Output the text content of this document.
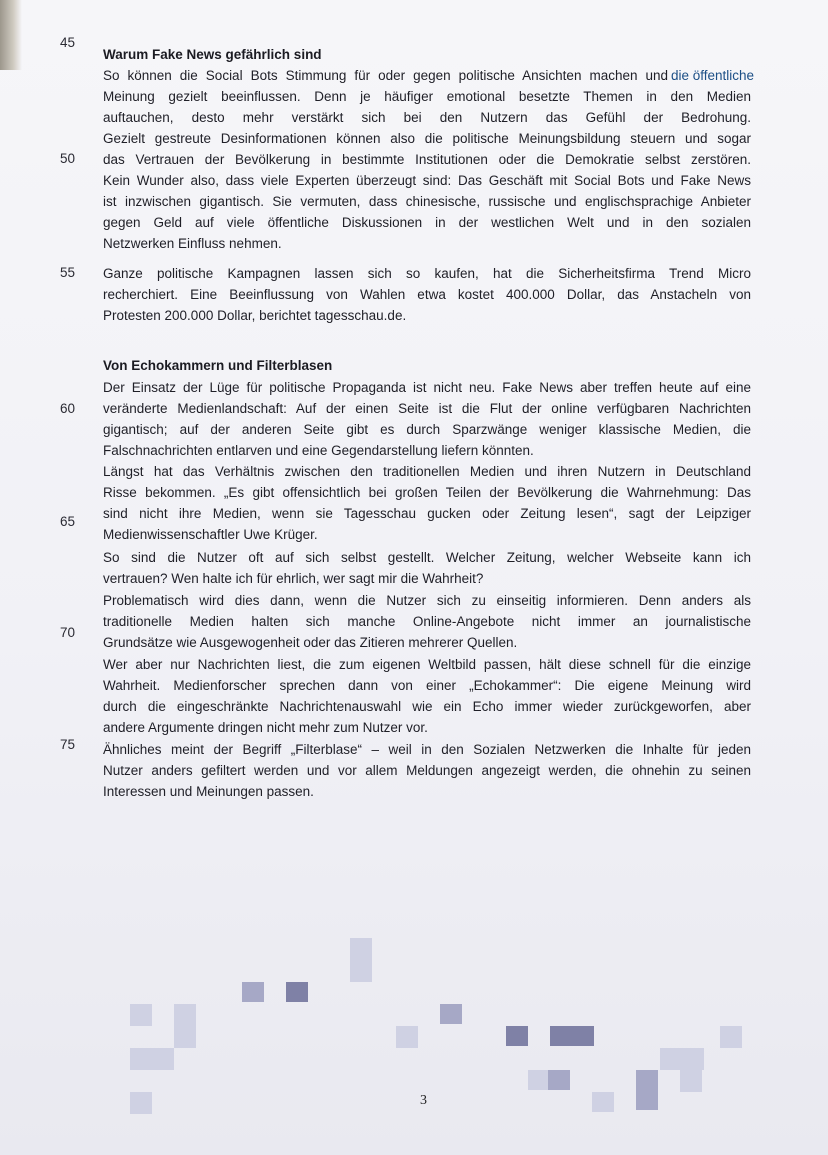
45
50
55
60
65
70
75
Warum Fake News gefährlich sind
So können die Social Bots Stimmung für oder gegen politische Ansichten machen und die öffentliche
Meinung gezielt beeinflussen. Denn je häufiger emotional besetzte Themen in den Medien
auftauchen, desto mehr verstärkt sich bei den Nutzern das Gefühl der Bedrohung.
Gezielt gestreute Desinformationen können also die politische Meinungsbildung steuern und sogar
das Vertrauen der Bevölkerung in bestimmte Institutionen oder die Demokratie selbst zerstören.
Kein Wunder also, dass viele Experten überzeugt sind: Das Geschäft mit Social Bots und Fake News
ist inzwischen gigantisch. Sie vermuten, dass chinesische, russische und englischsprachige Anbieter
gegen Geld auf viele öffentliche Diskussionen in der westlichen Welt und in den sozialen
Netzwerken Einfluss nehmen.
Ganze politische Kampagnen lassen sich so kaufen, hat die Sicherheitsfirma Trend Micro
recherchiert. Eine Beeinflussung von Wahlen etwa kostet 400.000 Dollar, das Anstacheln von
Protesten 200.000 Dollar, berichtet tagesschau.de.
Von Echokammern und Filterblasen
Der Einsatz der Lüge für politische Propaganda ist nicht neu. Fake News aber treffen heute auf eine
veränderte Medienlandschaft: Auf der einen Seite ist die Flut der online verfügbaren Nachrichten
gigantisch; auf der anderen Seite gibt es durch Sparzwänge weniger klassische Medien, die
Falschnachrichten entlarven und eine Gegendarstellung liefern könnten.
Längst hat das Verhältnis zwischen den traditionellen Medien und ihren Nutzern in Deutschland
Risse bekommen. „Es gibt offensichtlich bei großen Teilen der Bevölkerung die Wahrnehmung: Das
sind nicht ihre Medien, wenn sie Tagesschau gucken oder Zeitung lesen“, sagt der Leipziger
Medienwissenschaftler Uwe Krüger.
So sind die Nutzer oft auf sich selbst gestellt. Welcher Zeitung, welcher Webseite kann ich
vertrauen? Wen halte ich für ehrlich, wer sagt mir die Wahrheit?
Problematisch wird dies dann, wenn die Nutzer sich zu einseitig informieren. Denn anders als
traditionelle Medien halten sich manche Online-Angebote nicht immer an journalistische
Grundsätze wie Ausgewogenheit oder das Zitieren mehrerer Quellen.
Wer aber nur Nachrichten liest, die zum eigenen Weltbild passen, hält diese schnell für die einzige
Wahrheit. Medienforscher sprechen dann von einer „Echokammer“: Die eigene Meinung wird
durch die eingeschränkte Nachrichtenauswahl wie ein Echo immer wieder zurückgeworfen, aber
andere Argumente dringen nicht mehr zum Nutzer vor.
Ähnliches meint der Begriff „Filterblase“ – weil in den Sozialen Netzwerken die Inhalte für jeden
Nutzer anders gefiltert werden und vor allem Meldungen angezeigt werden, die ohnehin zu seinen
Interessen und Meinungen passen.
3
